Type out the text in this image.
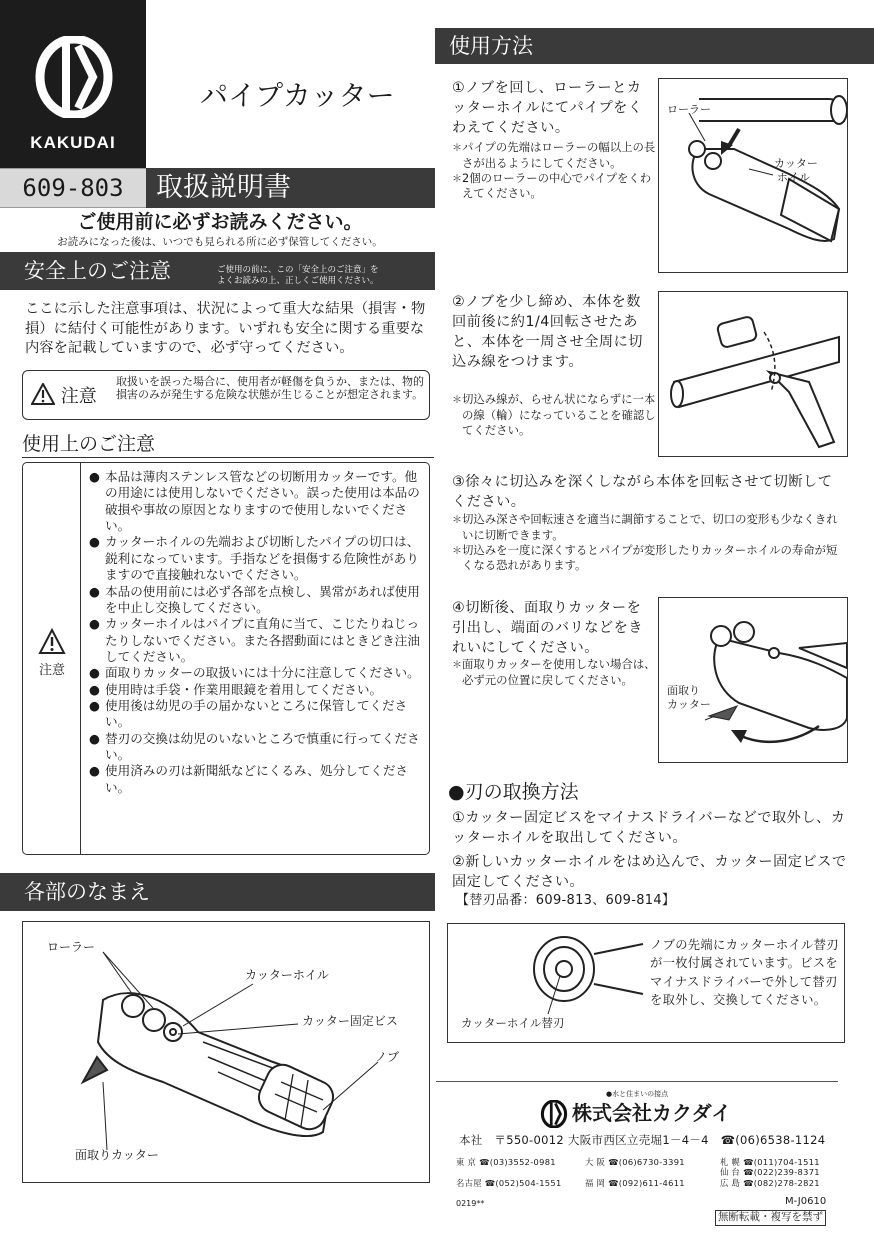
KAKUDAI
パイプカッター
609-803	取扱説明書
ご使用前に必ずお読みください。
お読みになった後は、いつでも見られる所に必ず保管してください。
安全上のご注意	ご使用の前に、この「安全上のご注意」を
よくお読みの上、正しくご使用ください。
ここに示した注意事項は、状況によって重大な結果（損害・物損）に結付く可能性があります。いずれも安全に関する重要な内容を記載していますので、必ず守ってください。
注意
取扱いを誤った場合に、使用者が軽傷を負うか、または、物的損害のみが発生する危険な状態が生じることが想定されます。
使用上のご注意
注意
● 本品は薄肉ステンレス管などの切断用カッターです。他の用途には使用しないでください。誤った使用は本品の破損や事故の原因となりますので使用しないでください。
● カッターホイルの先端および切断したパイプの切口は、鋭利になっています。手指などを損傷する危険性がありますので直接触れないでください。
● 本品の使用前には必ず各部を点検し、異常があれば使用を中止し交換してください。
● カッターホイルはパイプに直角に当て、こじたりねじったりしないでください。また各摺動面にはときどき注油してください。
● 面取りカッターの取扱いには十分に注意してください。
● 使用時は手袋・作業用眼鏡を着用してください。
● 使用後は幼児の手の届かないところに保管してください。
● 替刃の交換は幼児のいないところで慎重に行ってください。
● 使用済みの刃は新聞紙などにくるみ、処分してください。
各部のなまえ
ローラー
カッターホイル
カッター固定ビス
ノブ
面取りカッター
使用方法
①ノブを回し、ローラーとカッターホイルにてパイプをくわえてください。
＊ パイプの先端はローラーの幅以上の長さが出るようにしてください。
＊ 2個のローラーの中心でパイプをくわえてください。
ローラー
カッター
ホイル
②ノブを少し締め、本体を数回前後に約1/4回転させたあと、本体を一周させ全周に切込み線をつけます。
＊ 切込み線が、らせん状にならずに一本の線（輪）になっていることを確認してください。
③徐々に切込みを深くしながら本体を回転させて切断してください。
＊ 切込み深さや回転速さを適当に調節することで、切口の変形も少なくきれいに切断できます。
＊ 切込みを一度に深くするとパイプが変形したりカッターホイルの寿命が短くなる恐れがあります。
④切断後、面取りカッターを引出し、端面のバリなどをきれいにしてください。
＊ 面取りカッターを使用しない場合は、必ず元の位置に戻してください。
面取り
カッター
●刃の取換方法
①カッター固定ビスをマイナスドライバーなどで取外し、カッターホイルを取出してください。
②新しいカッターホイルをはめ込んで、カッター固定ビスで固定してください。
【替刃品番：609-813、609-814】
カッターホイル替刃
ノブの先端にカッターホイル替刃が一枚付属されています。ビスをマイナスドライバーで外して替刃を取外し、交換してください。
●水と住まいの接点
株式会社カクダイ
本社　〒550-0012 大阪市西区立売堀1－4－4　☎(06)6538-1124
東 京 ☎(03)3552-0981	大 阪 ☎(06)6730-3391	札 幌 ☎(011)704-1511
仙 台 ☎(022)239-8371
名古屋 ☎(052)504-1551	福 岡 ☎(092)611-4611	広 島 ☎(082)278-2821
M-J0610
0219**
無断転載・複写を禁ず
